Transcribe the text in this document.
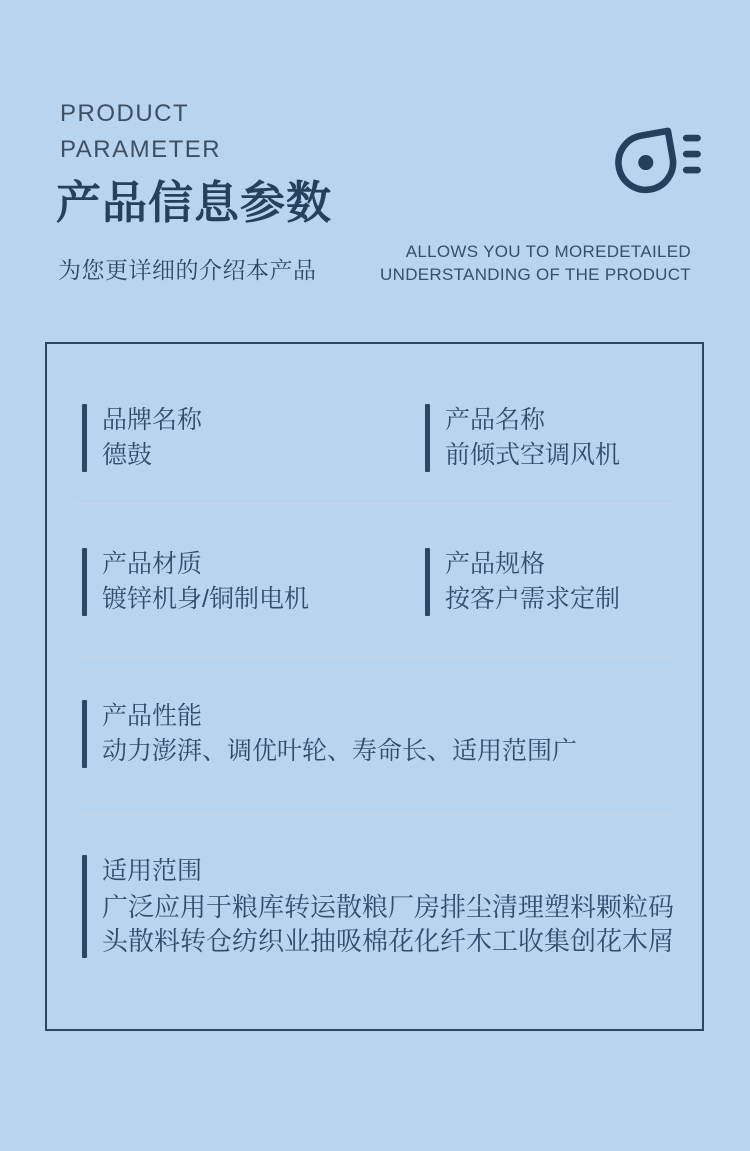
PRODUCT
PARAMETER
产品信息参数
为您更详细的介绍本产品
ALLOWS YOU TO MOREDETAILED
UNDERSTANDING OF THE PRODUCT
品牌名称
德鼓
产品名称
前倾式空调风机
产品材质
镀锌机身/铜制电机
产品规格
按客户需求定制
产品性能
动力澎湃、调优叶轮、寿命长、适用范围广
适用范围
广泛应用于粮库转运散粮厂房排尘清理塑料颗粒码头散料转仓纺织业抽吸棉花化纤木工收集创花木屑
